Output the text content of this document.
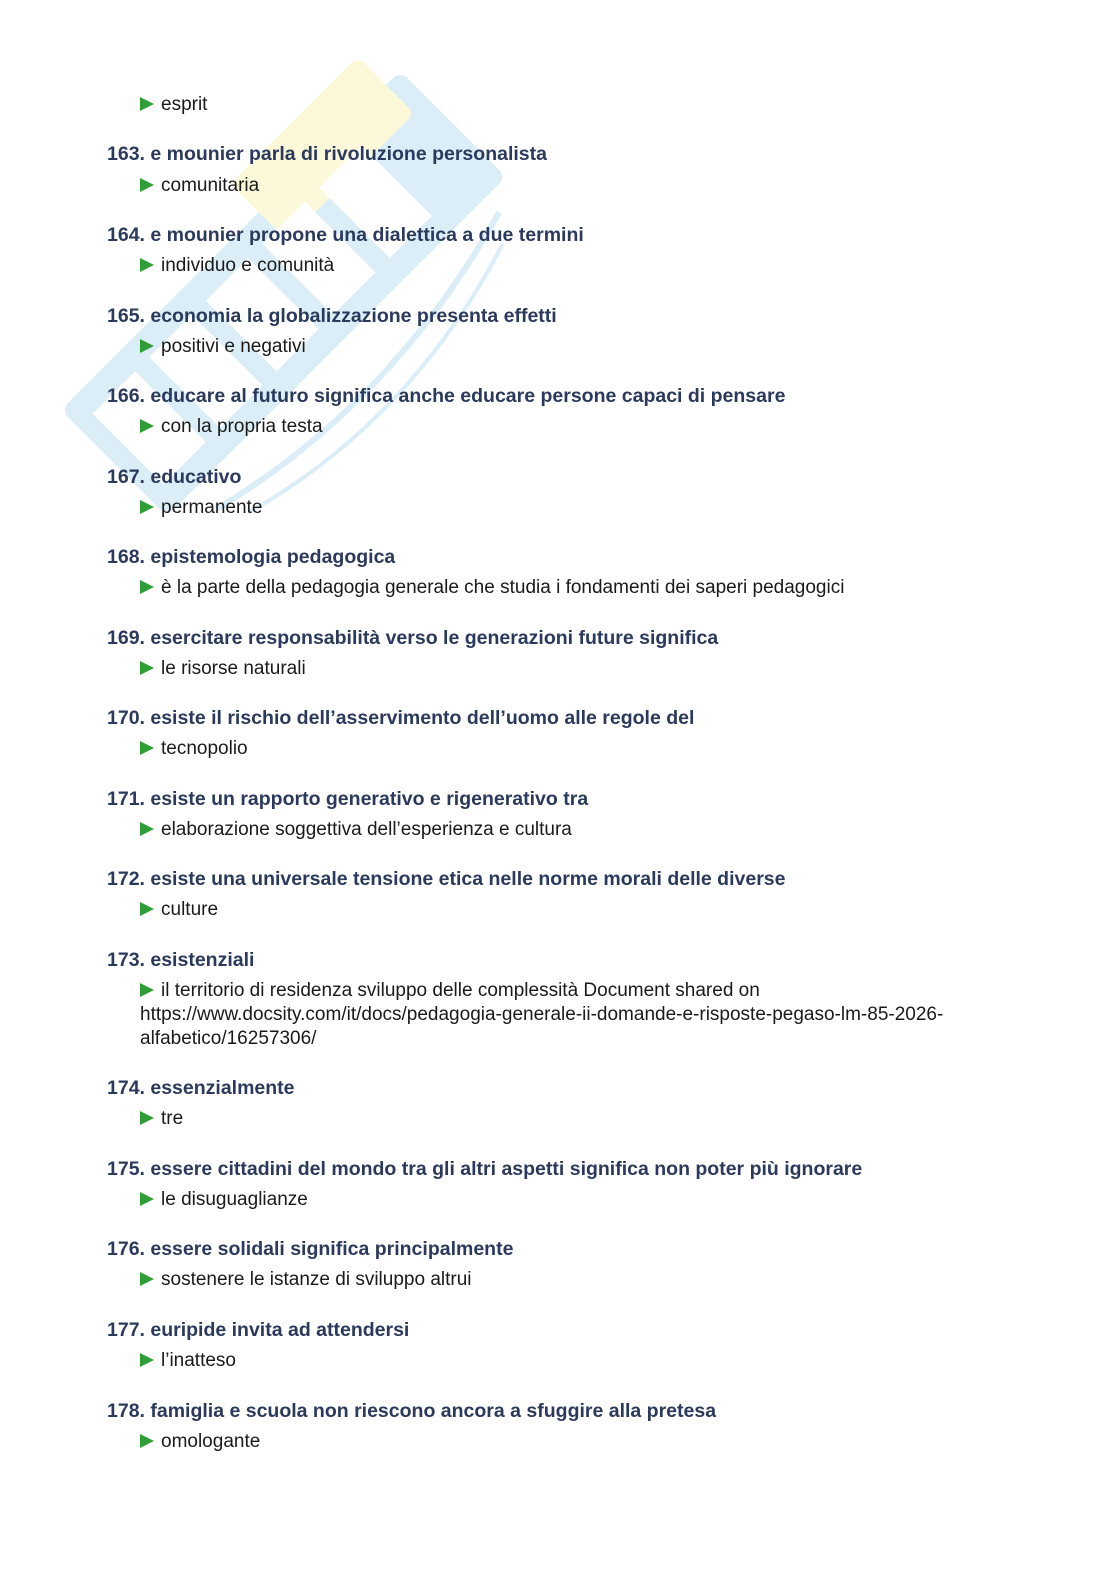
esprit
163. e mounier parla di rivoluzione personalista
comunitaria
164. e mounier propone una dialettica a due termini
individuo e comunità
165. economia la globalizzazione presenta effetti
positivi e negativi
166. educare al futuro significa anche educare persone capaci di pensare
con la propria testa
167. educativo
permanente
168. epistemologia pedagogica
è la parte della pedagogia generale che studia i fondamenti dei saperi pedagogici
169. esercitare responsabilità verso le generazioni future significa
le risorse naturali
170. esiste il rischio dell’asservimento dell’uomo alle regole del
tecnopolio
171. esiste un rapporto generativo e rigenerativo tra
elaborazione soggettiva dell’esperienza e cultura
172. esiste una universale tensione etica nelle norme morali delle diverse
culture
173. esistenziali
il territorio di residenza sviluppo delle complessità Document shared on https://www.docsity.com/it/docs/pedagogia-generale-ii-domande-e-risposte-pegaso-lm-85-2026-alfabetico/16257306/
174. essenzialmente
tre
175. essere cittadini del mondo tra gli altri aspetti significa non poter più ignorare
le disuguaglianze
176. essere solidali significa principalmente
sostenere le istanze di sviluppo altrui
177. euripide invita ad attendersi
l’inatteso
178. famiglia e scuola non riescono ancora a sfuggire alla pretesa
omologante
